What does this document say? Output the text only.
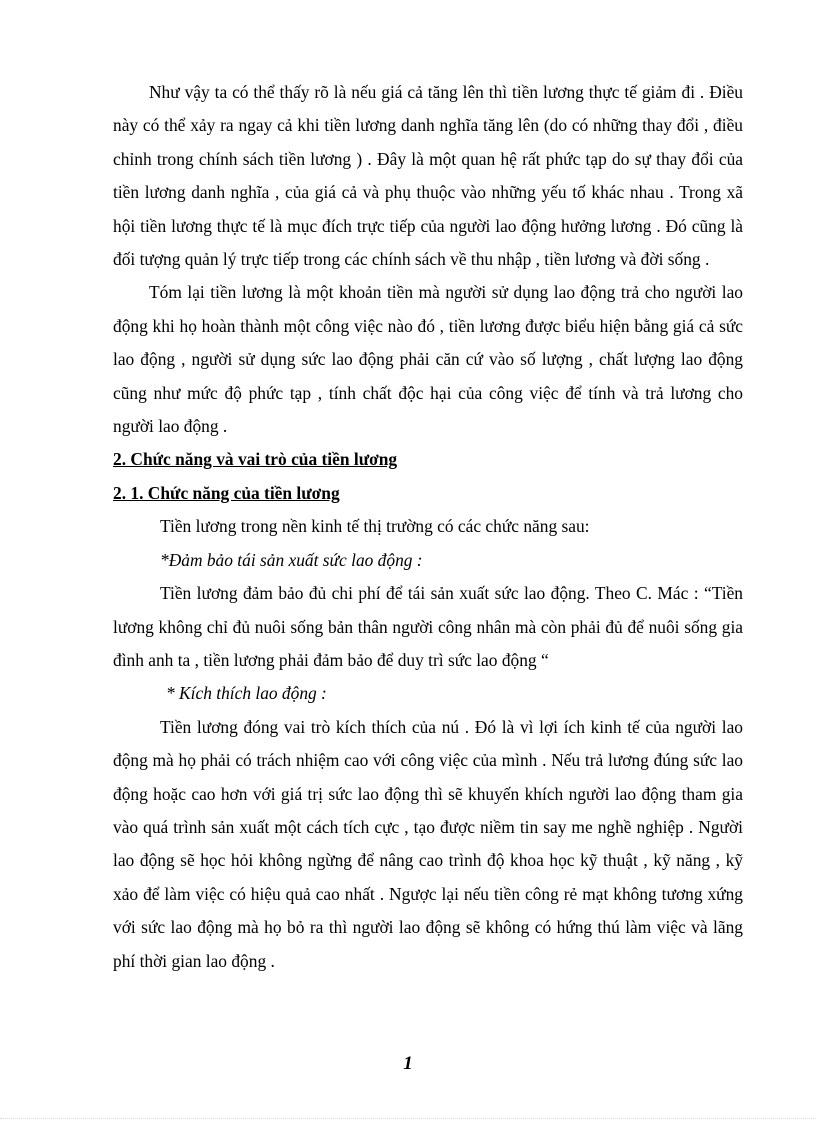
Như vậy ta có thể thấy rõ là nếu giá cả tăng lên thì tiền lương thực tế giảm đi . Điều này có thể xảy ra ngay cả khi tiền lương danh nghĩa tăng lên (do có những thay đổi , điều chỉnh trong chính sách tiền lương ) . Đây là một quan hệ rất phức tạp do sự thay đổi của tiền lương danh nghĩa , của giá cả và phụ thuộc vào những yếu tố khác nhau . Trong xã hội tiền lương thực tế là mục đích trực tiếp của người lao động hưởng lương . Đó cũng là đối tượng quản lý trực tiếp trong các chính sách về thu nhập , tiền lương và đời sống .

Tóm lại tiền lương là một khoản tiền mà người sử dụng lao động trả cho người lao động khi họ hoàn thành một công việc nào đó , tiền lương được biểu hiện bằng giá cả sức lao động , người sử dụng sức lao động phải căn cứ vào số lượng , chất lượng lao động cũng như mức độ phức tạp , tính chất độc hại của công việc để tính và trả lương cho người lao động .

2. Chức năng và vai trò của tiền lương

2. 1. Chức năng của tiền lương

Tiền lương trong nền kinh tế thị trường có các chức năng sau:

*Đảm bảo tái sản xuất sức lao động :

Tiền lương đảm bảo đủ chi phí để tái sản xuất sức lao động. Theo C. Mác : “Tiền lương không chỉ đủ nuôi sống bản thân người công nhân mà còn phải đủ để nuôi sống gia đình anh ta , tiền lương phải đảm bảo để duy trì sức lao động “

* Kích thích lao động :

Tiền lương đóng vai trò kích thích của nú . Đó là vì lợi ích kinh tế của người lao động mà họ phải có trách nhiệm cao với công việc của mình . Nếu trả lương đúng sức lao động hoặc cao hơn với giá trị sức lao động thì sẽ khuyến khích người lao động tham gia vào quá trình sản xuất một cách tích cực , tạo được niềm tin say me nghề nghiệp . Người lao động sẽ học hỏi không ngừng để nâng cao trình độ khoa học kỹ thuật , kỹ năng , kỹ xảo để làm việc có hiệu quả cao nhất . Ngược lại nếu tiền công rẻ mạt không tương xứng với sức lao động mà họ bỏ ra thì người lao động sẽ không có hứng thú làm việc và lãng phí thời gian lao động .

1
